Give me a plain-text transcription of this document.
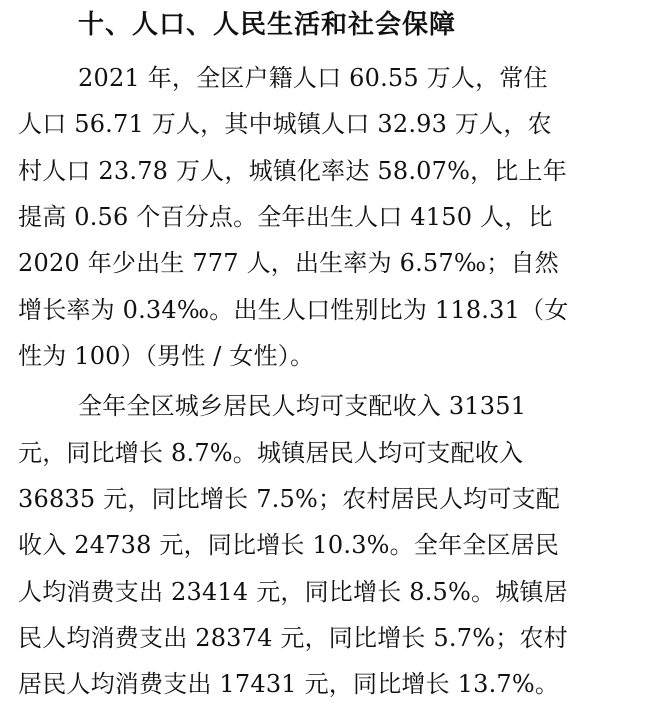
十、人口、人民生活和社会保障
2021 年，全区户籍人口 60.55 万人，常住
人口 56.71 万人，其中城镇人口 32.93 万人，农
村人口 23.78 万人，城镇化率达 58.07%，比上年
提高 0.56 个百分点。全年出生人口 4150 人，比
2020 年少出生 777 人，出生率为 6.57‰；自然
增长率为 0.34‰。出生人口性别比为 118.31（女
性为 100）（男性 / 女性）。
全年全区城乡居民人均可支配收入 31351
元，同比增长 8.7%。城镇居民人均可支配收入
36835 元，同比增长 7.5%；农村居民人均可支配
收入 24738 元，同比增长 10.3%。全年全区居民
人均消费支出 23414 元，同比增长 8.5%。城镇居
民人均消费支出 28374 元，同比增长 5.7%；农村
居民人均消费支出 17431 元，同比增长 13.7%。
